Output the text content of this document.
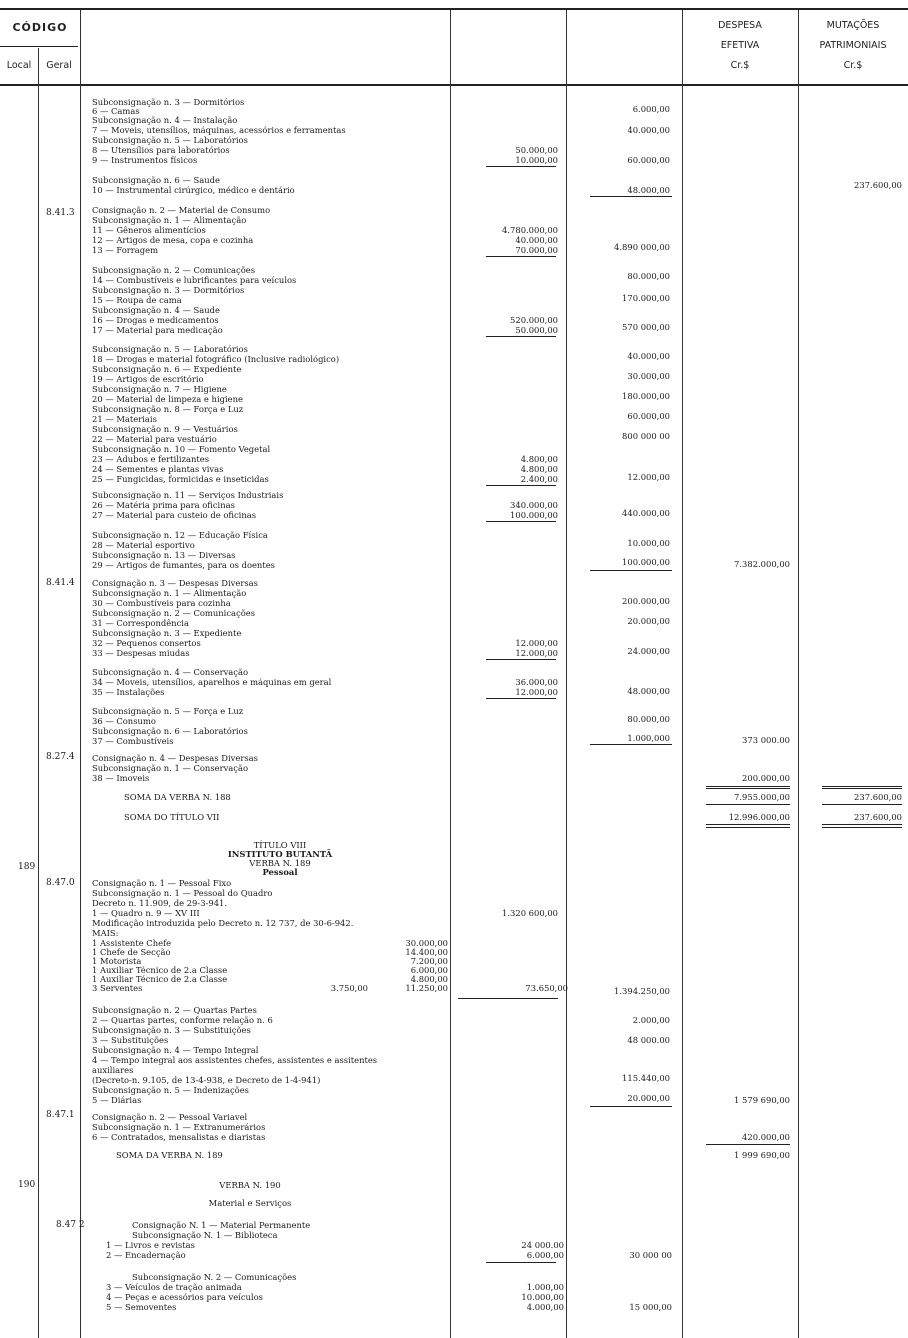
CÓDIGO
Local	Geral
DESPESA
EFETIVA
Cr.$
MUTAÇÕES
PATRIMONIAIS
Cr.$
8.41.3
8.41.4
8.27.4
189
8.47.0
8.47.1
190
8.47 2
Subconsignação n. 3 — Dormitórios
6 — Camas
Subconsignação n. 4 — Instalação
7 — Moveis, utensílios, máquinas, acessórios e ferramentas
Subconsignação n. 5 — Laboratórios
8 — Utensílios para laboratórios
9 — Instrumentos físicos
Subconsignação n. 6 — Saude
10 — Instrumental cirúrgico, médico e dentário
Consignação n. 2 — Material de Consumo
Subconsignação n. 1 — Alimentação
11 — Gêneros alimentícios
12 — Artigos de mesa, copa e cozinha
13 — Forragem
Subconsignação n. 2 — Comunicações
14 — Combustíveis e lubrificantes para veículos
Subconsignação n. 3 — Dormitórios
15 — Roupa de cama
Subconsignação n. 4 — Saude
16 — Drogas e medicamentos
17 — Material para medicação
Subconsignação n. 5 — Laboratórios
18 — Drogas e material fotográfico (Inclusive radiológico)
Subconsignação n. 6 — Expediente
19 — Artigos de escritório
Subconsignação n. 7 — Higiene
20 — Material de limpeza e higiene
Subconsignação n. 8 — Força e Luz
21 — Materiais
Subconsignação n. 9 — Vestuários
22 — Material para vestuário
Subconsignação n. 10 — Fomento Vegetal
23 — Adubos e fertilizantes
24 — Sementes e plantas vivas
25 — Fungicidas, formicidas e inseticidas
Subconsignação n. 11 — Serviços Industriais
26 — Matéria prima para oficinas
27 — Material para custeio de oficinas
Subconsignação n. 12 — Educação Física
28 — Material esportivo
Subconsignação n. 13 — Diversas
29 — Artigos de fumantes, para os doentes
Consignação n. 3 — Despesas Diversas
Subconsignação n. 1 — Alimentação
30 — Combustíveis para cozinha
Subconsignação n. 2 — Comunicações
31 — Correspondência
Subconsignação n. 3 — Expediente
32 — Pequenos consertos
33 — Despesas miudas
Subconsignação n. 4 — Conservação
34 — Moveis, utensílios, aparelhos e máquinas em geral
35 — Instalações
Subconsignação n. 5 — Força e Luz
36 — Consumo
Subconsignação n. 6 — Laboratórios
37 — Combustíveis
Consignação n. 4 — Despesas Diversas
Subconsignação n. 1 — Conservação
38 — Imoveis
SOMA DA VERBA N. 188
SOMA DO TÍTULO VII
TÍTULO VIII
INSTITUTO BUTANTÃ
VERBA N. 189
Pessoal
Consignação n. 1 — Pessoal Fixo
Subconsignação n. 1 — Pessoal do Quadro
Decreto n. 11.909, de 29-3-941.
1 — Quadro n. 9 — XV III
Modificação introduzida pelo Decreto n. 12 737, de 30-6-942.
MAIS:
1 Assistente Chefe
1 Chefe de Secção
1 Motorista
1 Auxiliar Técnico de 2.a Classe
1 Auxiliar Técnico de 2.a Classe
3 Serventes
Subconsignação n. 2 — Quartas Partes
2 — Quartas partes, conforme relação n. 6
Subconsignação n. 3 — Substituições
3 — Substituições
Subconsignação n. 4 — Tempo Integral
4 — Tempo integral aos assistentes chefes, assistentes e assitentes
auxiliares
(Decreto-n. 9.105, de 13-4-938, e Decreto de 1-4-941)
Subconsignação n. 5 — Indenizações
5 — Diárias
Consignação n. 2 — Pessoal Variavel
Subconsignação n. 1 — Extranumerários
6 — Contratados, mensalistas e diaristas
SOMA DA VERBA N. 189
VERBA N. 190
Material e Serviços
Consignação N. 1 — Material Permanente
Subconsignação N. 1 — Biblioteca
1 — Livros e revistas
2 — Encadernação
Subconsignação N. 2 — Comunicações
3 — Veículos de tração animada
4 — Peças e acessórios para veículos
5 — Semoventes
50.000,00
10.000,00
4.780.000,00
40.000,00
70.000,00
520.000,00
50.000,00
4.800,00
4.800,00
2.400,00
340.000,00
100.000,00
12.000,00
12.000,00
36.000,00
12.000,00
1.320 600,00
73.650,00
24 000.00
6.000,00
1.000,00
10.000,00
4.000,00
30.000,00
14.400,00
7.200,00
6.000,00
4.800,00
3.750,00	11.250,00
6.000,00
40.000,00
60.000,00
48.000,00
4.890 000,00
80.000,00
170.000,00
570 000,00
40.000,00
30.000,00
180.000,00
60.000,00
800 000 00
12.000,00
440.000,00
10.000,00
100.000,00
200.000,00
20.000,00
24.000,00
48.000,00
80.000,00
1.000,000
1.394.250,00
2.000,00
48 000.00
115.440,00
20.000,00
30 000 00
15 000,00
7.382.000,00
373 000.00
200.000,00
7.955.000,00
12.996.000,00
1 579 690,00
420.000,00
1 999 690,00
237.600,00
237.600,00
237.600,00
